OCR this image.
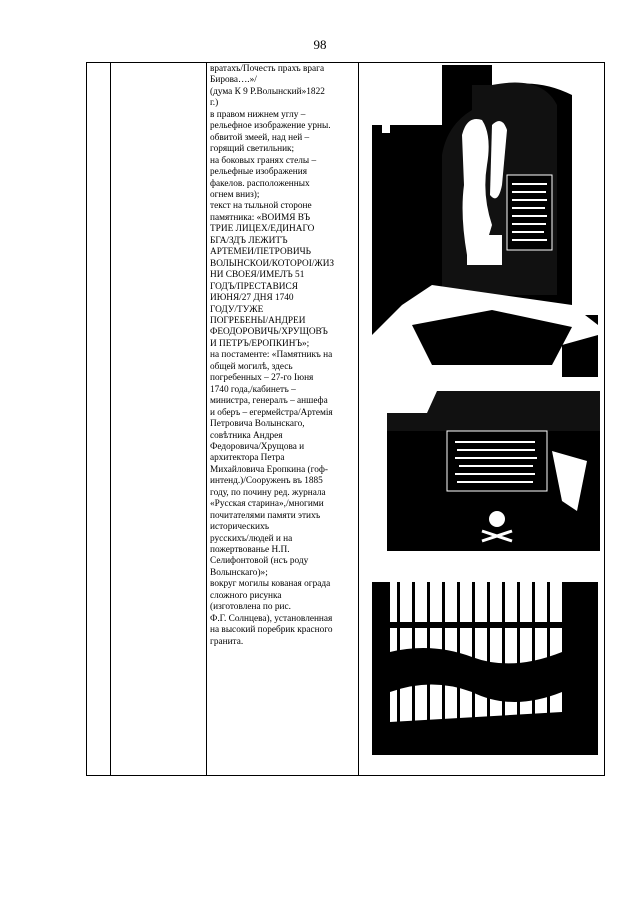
98

вратахъ/Почесть прахъ врага

Бирова….»/

(дума К 9 Р.Волынский»1822

г.)

в правом нижнем углу –

рельефное изображение урны.

обвитой змеей, над ней –

горящий светильник;

на боковых гранях стелы –

рельефные изображения

факелов. расположенных

огнем вниз);

текст на тыльной стороне

памятника: «ВОИМЯ ВЪ

ТРИЕ ЛИЦЕХ/ЕДИНАГО

БГА/ЗДЪ ЛЕЖИТЪ

АРТЕМЕИ/ПЕТРОВИЧЬ

ВОЛЫНСКОИ/КОТОРОI/ЖИЗ

НИ СВОЕЯ/ИМЕЛЪ 51

ГОДЪ/ПРЕСТАВИСЯ

ИЮНЯ/27 ДНЯ 1740

ГОДУ/ТУЖЕ

ПОГРЕБЕНЫ/АНДРЕИ

ФЕОДОРОВИЧЬ/ХРУЩОВЪ

И ПЕТРЪ/ЕРОПКИНЪ»;

на постаменте: «Памятникъ на

общей могилѣ, здесь

погребенных – 27-го Iюня

1740 года,/кабинетъ –

министра, генералъ – аншефа

и оберъ – егермейстра/Артемiя

Петровича Волынскаго,

совѣтника Андрея

Федоровича/Хрущова и

архитектора Петра

Михайловича Еропкина (гоф-

интенд.)/Сооруженъ въ 1885

году, по почину ред. журнала

«Русская старина»,/многими

почитателями памяти этихъ

историческихъ

русскихъ/людей и на

пожертвованье Н.П.

Селифонтовой (нсъ роду

Волынскаго)»;

вокруг могилы кованая ограда

сложного рисунка

(изготовлена по рис.

Ф.Г. Солнцева), установленная

на высокий поребрик красного

гранита.
